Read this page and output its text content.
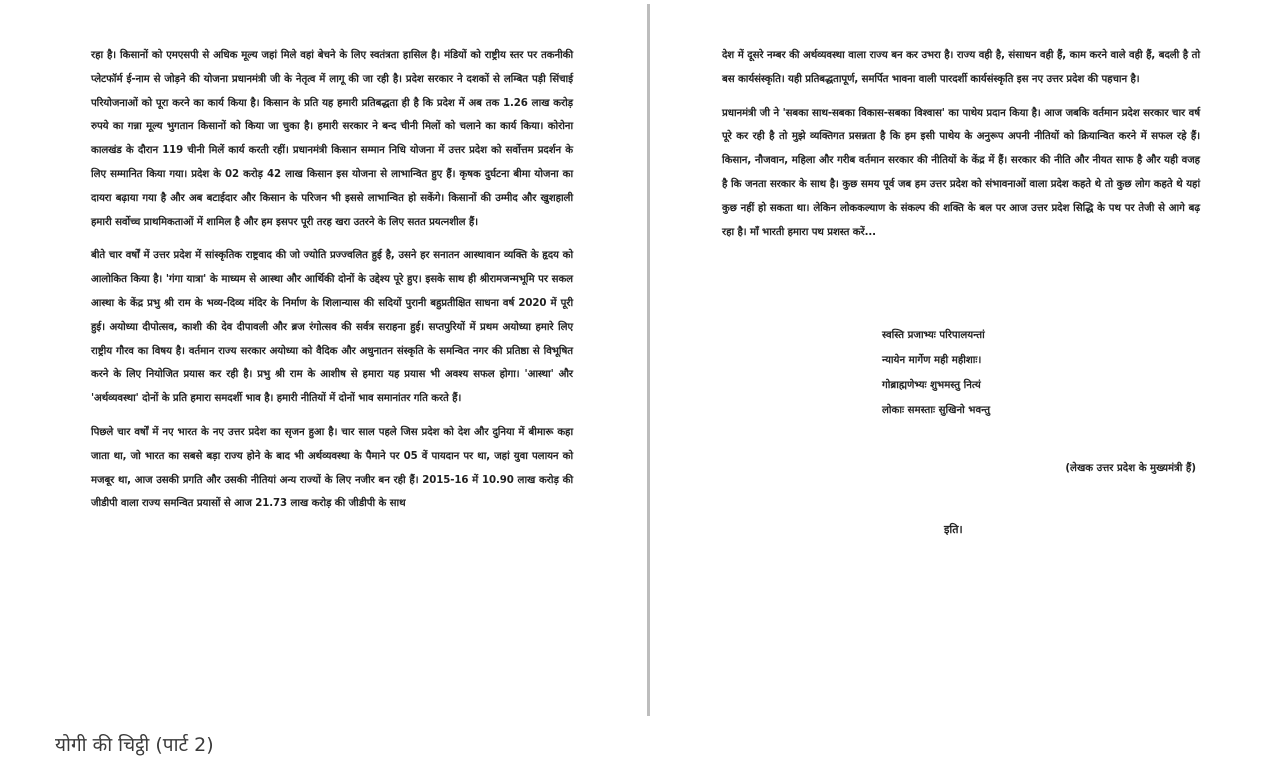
रहा है। किसानों को एमएसपी से अधिक मूल्य जहां मिले वहां बेचने के लिए स्वतंत्रता हासिल है। मंडियों को राष्ट्रीय स्तर पर तकनीकी प्लेटफॉर्म ई-नाम से जोड़ने की योजना प्रधानमंत्री जी के नेतृत्व में लागू की जा रही है। प्रदेश सरकार ने दशकों से लम्बित पड़ी सिंचाई परियोजनाओं को पूरा करने का कार्य किया है। किसान के प्रति यह हमारी प्रतिबद्धता ही है कि प्रदेश में अब तक 1.26 लाख करोड़ रुपये का गन्ना मूल्य भुगतान किसानों को किया जा चुका है। हमारी सरकार ने बन्द चीनी मिलों को चलाने का कार्य किया। कोरोना कालखंड के दौरान 119 चीनी मिलें कार्य करती रहीं। प्रधानमंत्री किसान सम्मान निधि योजना में उत्तर प्रदेश को सर्वोत्तम प्रदर्शन के लिए सम्मानित किया गया। प्रदेश के 02 करोड़ 42 लाख किसान इस योजना से लाभान्वित हुए हैं। कृषक दुर्घटना बीमा योजना का दायरा बढ़ाया गया है और अब बटाईदार और किसान के परिजन भी इससे लाभान्वित हो सकेंगे। किसानों की उम्मीद और खुशहाली हमारी सर्वोच्च प्राथमिकताओं में शामिल है और हम इसपर पूरी तरह खरा उतरने के लिए सतत प्रयत्नशील हैं।

बीते चार वर्षों में उत्तर प्रदेश में सांस्कृतिक राष्ट्रवाद की जो ज्योति प्रज्ज्वलित हुई है, उसने हर सनातन आस्थावान व्यक्ति के हृदय को आलोकित किया है। 'गंगा यात्रा' के माध्यम से आस्था और आर्थिकी दोनों के उद्देश्य पूरे हुए। इसके साथ ही श्रीरामजन्मभूमि पर सकल आस्था के केंद्र प्रभु श्री राम के भव्य-दिव्य मंदिर के निर्माण के शिलान्यास की सदियों पुरानी बहुप्रतीक्षित साधना वर्ष 2020 में पूरी हुई। अयोध्या दीपोत्सव, काशी की देव दीपावली और ब्रज रंगोत्सव की सर्वत्र सराहना हुई। सप्तपुरियों में प्रथम अयोध्या हमारे लिए राष्ट्रीय गौरव का विषय है। वर्तमान राज्य सरकार अयोध्या को वैदिक और अधुनातन संस्कृति के समन्वित नगर की प्रतिष्ठा से विभूषित करने के लिए नियोजित प्रयास कर रही है। प्रभु श्री राम के आशीष से हमारा यह प्रयास भी अवश्य सफल होगा। 'आस्था' और 'अर्थव्यवस्था' दोनों के प्रति हमारा समदर्शी भाव है। हमारी नीतियों में दोनों भाव समानांतर गति करते हैं।

पिछले चार वर्षों में नए भारत के नए उत्तर प्रदेश का सृजन हुआ है। चार साल पहले जिस प्रदेश को देश और दुनिया में बीमारू कहा जाता था, जो भारत का सबसे बड़ा राज्य होने के बाद भी अर्थव्यवस्था के पैमाने पर 05 वें पायदान पर था, जहां युवा पलायन को मजबूर था, आज उसकी प्रगति और उसकी नीतियां अन्य राज्यों के लिए नजीर बन रही हैं। 2015-16 में 10.90 लाख करोड़ की जीडीपी वाला राज्य समन्वित प्रयासों से आज 21.73 लाख करोड़ की जीडीपी के साथ

देश में दूसरे नम्बर की अर्थव्यवस्था वाला राज्य बन कर उभरा है। राज्य वही है, संसाधन वही हैं, काम करने वाले वही हैं, बदली है तो बस कार्यसंस्कृति। यही प्रतिबद्धतापूर्ण, समर्पित भावना वाली पारदर्शी कार्यसंस्कृति इस नए उत्तर प्रदेश की पहचान है।

प्रधानमंत्री जी ने 'सबका साथ-सबका विकास-सबका विश्वास' का पाथेय प्रदान किया है। आज जबकि वर्तमान प्रदेश सरकार चार वर्ष पूरे कर रही है तो मुझे व्यक्तिगत प्रसन्नता है कि हम इसी पाथेय के अनुरूप अपनी नीतियों को क्रियान्वित करने में सफल रहे हैं। किसान, नौजवान, महिला और गरीब वर्तमान सरकार की नीतियों के केंद्र में हैं। सरकार की नीति और नीयत साफ है और यही वजह है कि जनता सरकार के साथ है। कुछ समय पूर्व जब हम उत्तर प्रदेश को संभावनाओं वाला प्रदेश कहते थे तो कुछ लोग कहते थे यहां कुछ नहीं हो सकता था। लेकिन लोककल्याण के संकल्प की शक्ति के बल पर आज उत्तर प्रदेश सिद्धि के पथ पर तेजी से आगे बढ़ रहा है। माँ भारती हमारा पथ प्रशस्त करें...

स्वस्ति प्रजाभ्यः परिपालयन्तां
न्यायेन मार्गेण मही महीशाः।
गोब्राह्मणेभ्यः शुभमस्तु नित्यं
लोकाः समस्ताः सुखिनो भवन्तु
(लेखक उत्तर प्रदेश के मुख्यमंत्री हैं)
इति।
योगी की चिट्ठी (पार्ट 2)
